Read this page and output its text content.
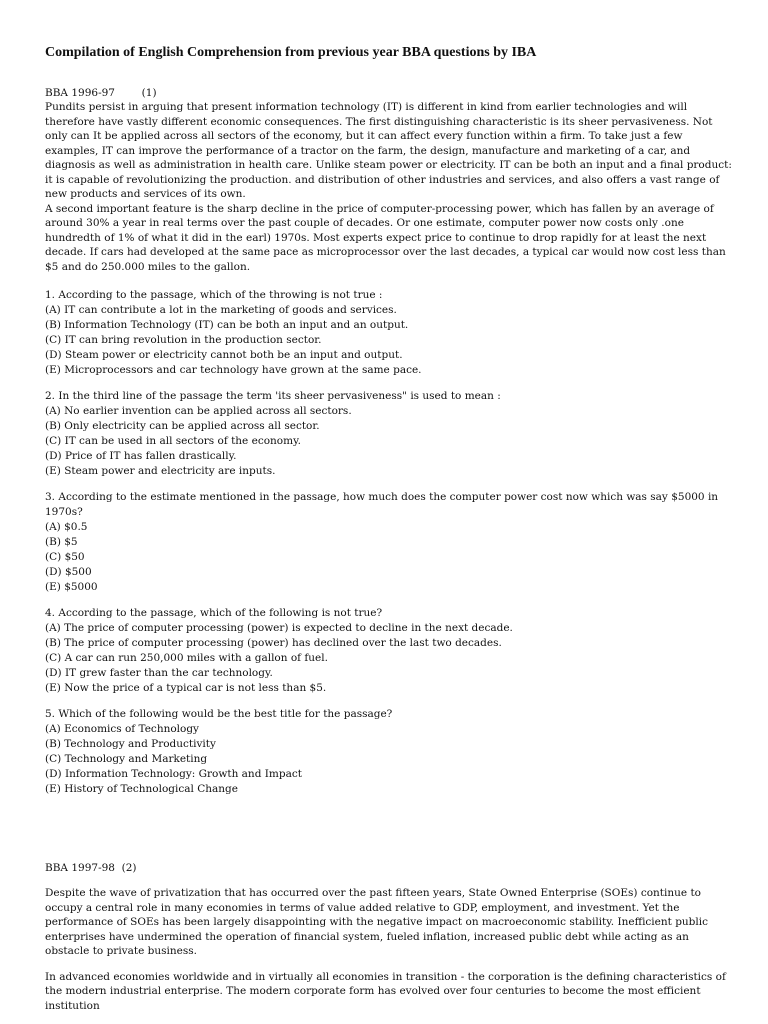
Compilation of English Comprehension from previous year BBA questions by IBA

BBA 1996-97        (1)

Pundits persist in arguing that present information technology (IT) is different in kind from earlier technologies and will therefore have vastly different economic consequences. The first distinguishing characteristic is its sheer pervasiveness. Not only can It be applied across all sectors of the economy, but it can affect every function within a firm. To take just a few examples, IT can improve the performance of a tractor on the farm, the design, manufacture and marketing of a car, and diagnosis as well as administration in health care. Unlike steam power or electricity. IT can be both an input and a final product: it is capable of revolutionizing the production. and distribution of other industries and services, and also offers a vast range of new products and services of its own.

A second important feature is the sharp decline in the price of computer-processing power, which has fallen by an average of around 30% a year in real terms over the past couple of decades. Or one estimate, computer power now costs only .one hundredth of 1% of what it did in the earl) 1970s. Most experts expect price to continue to drop rapidly for at least the next decade. If cars had developed at the same pace as microprocessor over the last decades, a typical car would now cost less than $5 and do 250.000 miles to the gallon.

1. According to the passage, which of the throwing is not true :

(A) IT can contribute a lot in the marketing of goods and services.

(B) Information Technology (IT) can be both an input and an output.

(C) IT can bring revolution in the production sector.

(D) Steam power or electricity cannot both be an input and output.

(E) Microprocessors and car technology have grown at the same pace.

2. In the third line of the passage the term 'its sheer pervasiveness" is used to mean :

(A) No earlier invention can be applied across all sectors.

(B) Only electricity can be applied across all sector.

(C) IT can be used in all sectors of the economy.

(D) Price of IT has fallen drastically.

(E) Steam power and electricity are inputs.

3. According to the estimate mentioned in the passage, how much does the computer power cost now which was say $5000 in 1970s?

(A) $0.5

(B) $5

(C) $50

(D) $500

(E) $5000

4. According to the passage, which of the following is not true?

(A) The price of computer processing (power) is expected to decline in the next decade.

(B) The price of computer processing (power) has declined over the last two decades.

(C) A car can run 250,000 miles with a gallon of fuel.

(D) IT grew faster than the car technology.

(E) Now the price of a typical car is not less than $5.

5. Which of the following would be the best title for the passage?

(A) Economics of Technology

(B) Technology and Productivity

(C) Technology and Marketing

(D) Information Technology: Growth and Impact

(E) History of Technological Change

BBA 1997-98  (2)

Despite the wave of privatization that has occurred over the past fifteen years, State Owned Enterprise (SOEs) continue to occupy a central role in many economies in terms of value added relative to GDP, employment, and investment. Yet the performance of SOEs has been largely disappointing with the negative impact on macroeconomic stability. Inefficient public enterprises have undermined the operation of financial system, fueled inflation, increased public debt while acting as an obstacle to private business.

In advanced economies worldwide and in virtually all economies in transition - the corporation is the defining characteristics of the modern industrial enterprise. The modern corporate form has evolved over four centuries to become the most efficient institution
